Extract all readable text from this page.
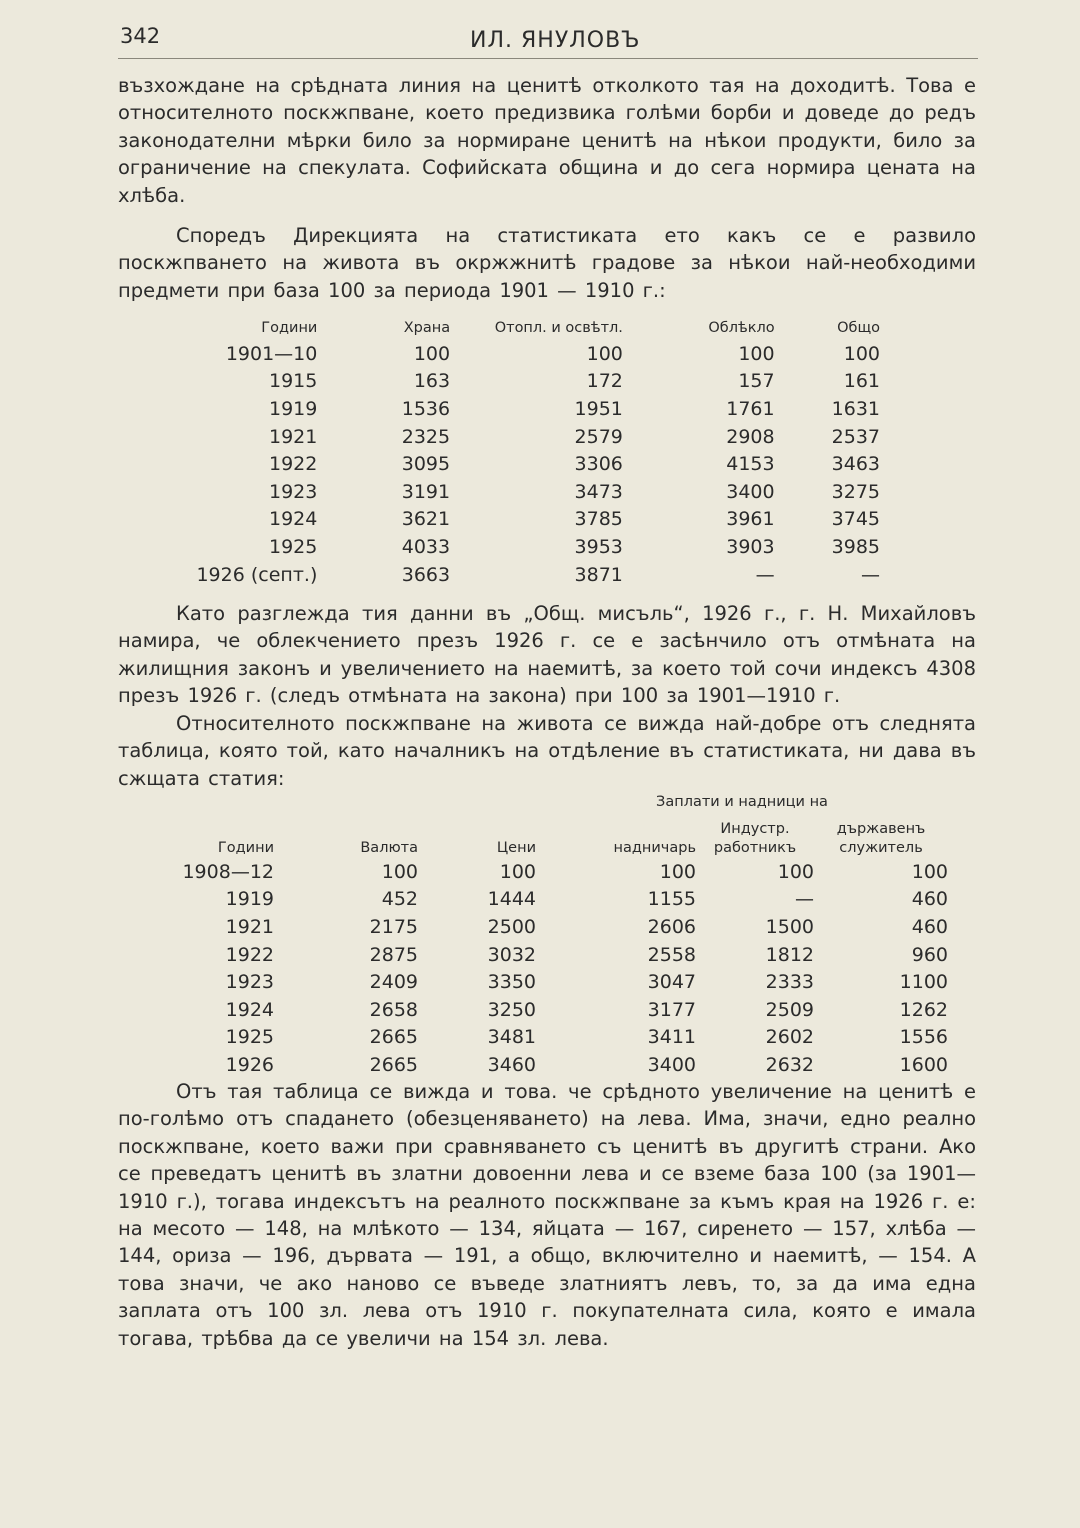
342	ИЛ. ЯНУЛОВЪ

възхождане на срѣдната линия на ценитѣ отколкото тая на доходитѣ. Това е относителното поскжпване, което предизвика голѣми борби и доведе до редъ законодателни мѣрки било за нормиране ценитѣ на нѣкои продукти, било за ограничение на спекулата. Софийската община и до сега нормира цената на хлѣба.

Споредъ Дирекцията на статистиката ето какъ се е развило поскжпването на живота въ окржжнитѣ градове за нѣкои най-необходими предмети при база 100 за периода 1901 — 1910 г.:

Години	Храна	Отопл. и освѣтл.	Облѣкло	Общо
1901—10	100	100	100	100
1915	163	172	157	161
1919	1536	1951	1761	1631
1921	2325	2579	2908	2537
1922	3095	3306	4153	3463
1923	3191	3473	3400	3275
1924	3621	3785	3961	3745
1925	4033	3953	3903	3985
1926 (септ.)	3663	3871	—	—

Като разглежда тия данни въ „Общ. мисъль“, 1926 г., г. Н. Михайловъ намира, че облекчението презъ 1926 г. се е засѣнчило отъ отмѣната на жилищния законъ и увеличението на наемитѣ, за което той сочи индексъ 4308 презъ 1926 г. (следъ отмѣната на закона) при 100 за 1901—1910 г.

Относителното поскжпване на живота се вижда най-добре отъ следнята таблица, която той, като началникъ на отдѣление въ статистиката, ни дава въ сжщата статия:

			Заплати и надници на		
Години	Валюта	Цени	надничарь	Индустр. работникъ	държавенъ служитель
1908—12	100	100	100	100	100
1919	452	1444	1155	—	460
1921	2175	2500	2606	1500	460
1922	2875	3032	2558	1812	960
1923	2409	3350	3047	2333	1100
1924	2658	3250	3177	2509	1262
1925	2665	3481	3411	2602	1556
1926	2665	3460	3400	2632	1600

Отъ тая таблица се вижда и това. че срѣдното увеличение на ценитѣ е по-голѣмо отъ спадането (обезценяването) на лева. Има, значи, едно реално поскжпване, което важи при сравняването съ ценитѣ въ другитѣ страни. Ако се преведатъ ценитѣ въ златни довоенни лева и се вземе база 100 (за 1901—1910 г.), тогава индексътъ на реалното поскжпване за къмъ края на 1926 г. е: на месото — 148, на млѣкото — 134, яйцата — 167, сиренето — 157, хлѣба — 144, ориза — 196, дървата — 191, а общо, включително и наемитѣ, — 154. А това значи, че ако наново се въведе златниятъ левъ, то, за да има една заплата отъ 100 зл. лева отъ 1910 г. покупателната сила, която е имала тогава, трѣбва да се увеличи на 154 зл. лева.
